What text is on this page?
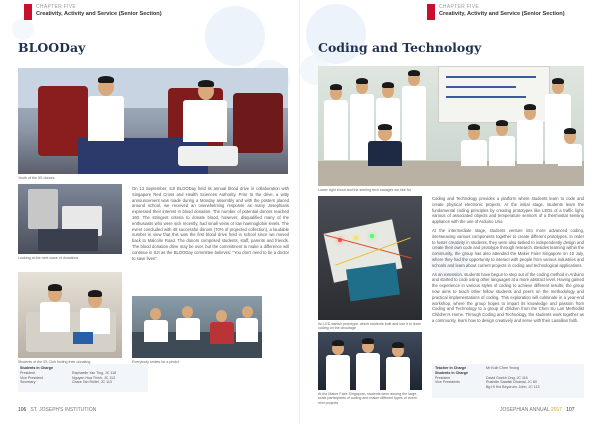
CHAPTER FIVE
Creativity, Activity and Service (Senior Section)
BLOODay
Youth of the 5S donors
Looking at the next wave of donations

On 13 September, SJI BLOODay held its annual blood drive in collaboration with Singapore Red Cross and Health Sciences Authority. Prior to the drive, a witty announcement was made during a Monday assembly and with the posters placed around school, we received an overwhelming response as many Josephians expressed their interest in blood donation. The number of potential donors reached 160. The stringent criteria to donate blood, however, disqualified many of the enthusiasts who were sick recently, had small veins or low haemoglobin levels. The event concluded with 48 successful donors (70% of projected collection), a laudable number in view that this was the first blood drive held in school since we moved back to Malcolm Road. The donors comprised students, staff, parents and friends. The blood donation drive may be over, but the commitment to make a difference will continue in SJI as the BLOODay committee believes: "You don't need to be a doctor to save lives".

Students of the 5S Club finding their donating	Everybody smiles for a photo!
Students in Charge
President
Vice President
Secretary
Raphaelle Yan Ting, JC 118
Nguyen Hoa Thinh, JC 113
Grace Tan Ruifei, JC 113
106 ST. JOSEPH'S INSTITUTION
CHAPTER FIVE
Creativity, Activity and Service (Senior Section)
Coding and Technology
Lower right shout and the sterling tech savages we rise for
An LED danish prototype, which students built and use it to learn coding on the circuitage
At the Maker Faire Singapore, students were among the large-scale participants of coding and maker different types of event mini projects

Coding and Technology provides a platform where students learn to code and create physical electronic projects. At the initial stage, students learn the fundamental coding principles by creating prototypes like LEDs of a traffic light, various of associated objects and temperature sensors of a thermostat sensing appliance with the use of Arduino Uno.

At the intermediate stage, students venture into more advanced coding, interweaving various components together to create different prototypes. In order to foster creativity in students, they were also tasked to independently design and create their own code and prototype through research. Besides learning within the community, the group has also attended the Maker Faire Singapore on 10 July, where they had the opportunity to interact with people from various industries and schools and learn about current projects in coding and technological applications.

As an extension, students have begun to step out of the coding method in Arduino and started to code using other languages at a more abstract level. Having gained the experience in various styles of coding to achieve different results, the group now aims to teach other fellow students and peers on the methodology and practical implementations of coding. This exploration will culminate in a year-end workshop, where the group hopes to impart its knowledge and passion from Coding and Technology to a group of children from the Chen Su Lan Methodist Children's Home. Through Coding and Technology, the students work together as a community, learn how to design creatively and serve with their Lasallian faith.

Teacher in Charge
Students in Charge
President
Vice Presidents
Mr Kuih Chee Yeong

David Goekh Ong, JC 116
Rushdie Saadkir Dhanial, JC 60
Bg Hi Hui Beyorum, John, JC 113
JOSEPHIAN ANNUAL 2017 107
